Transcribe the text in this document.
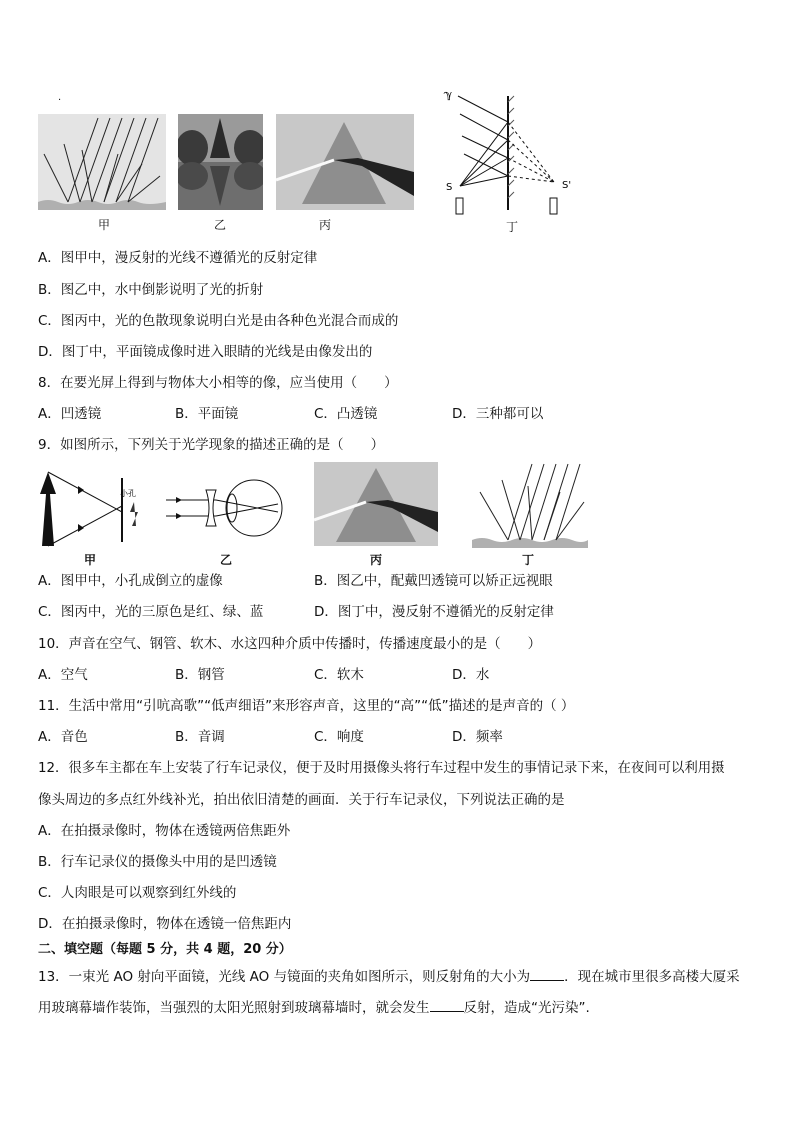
.
甲	乙	丙
ℽ
S	S'
丁
A．图甲中，漫反射的光线不遵循光的反射定律
B．图乙中，水中倒影说明了光的折射
C．图丙中，光的色散现象说明白光是由各种色光混合而成的
D．图丁中，平面镜成像时进入眼睛的光线是由像发出的
8．在要光屏上得到与物体大小相等的像，应当使用（　　）
A．凹透镜	B．平面镜	C．凸透镜	D．三种都可以
9．如图所示，下列关于光学现象的描述正确的是（　　）
小孔
甲	乙	丙	丁
A．图甲中，小孔成倒立的虚像	B．图乙中，配戴凹透镜可以矫正远视眼
C．图丙中，光的三原色是红、绿、蓝	D．图丁中，漫反射不遵循光的反射定律
10．声音在空气、钢管、软木、水这四种介质中传播时，传播速度最小的是（　　）
A．空气	B．钢管	C．软木	D．水
11．生活中常用“引吭高歌”“低声细语”来形容声音，这里的“高”“低”描述的是声音的（ ）
A．音色	B．音调	C．响度	D．频率
12．很多车主都在车上安装了行车记录仪，便于及时用摄像头将行车过程中发生的事情记录下来，在夜间可以利用摄
像头周边的多点红外线补光，拍出依旧清楚的画面．关于行车记录仪，下列说法正确的是
A．在拍摄录像时，物体在透镜两倍焦距外
B．行车记录仪的摄像头中用的是凹透镜
C．人肉眼是可以观察到红外线的
D．在拍摄录像时，物体在透镜一倍焦距内
二、填空题（每题 5 分，共 4 题，20 分）
13．一束光 AO 射向平面镜，光线 AO 与镜面的夹角如图所示，则反射角的大小为	．现在城市里很多高楼大厦采
用玻璃幕墙作装饰，当强烈的太阳光照射到玻璃幕墙时，就会发生	反射，造成“光污染”.
